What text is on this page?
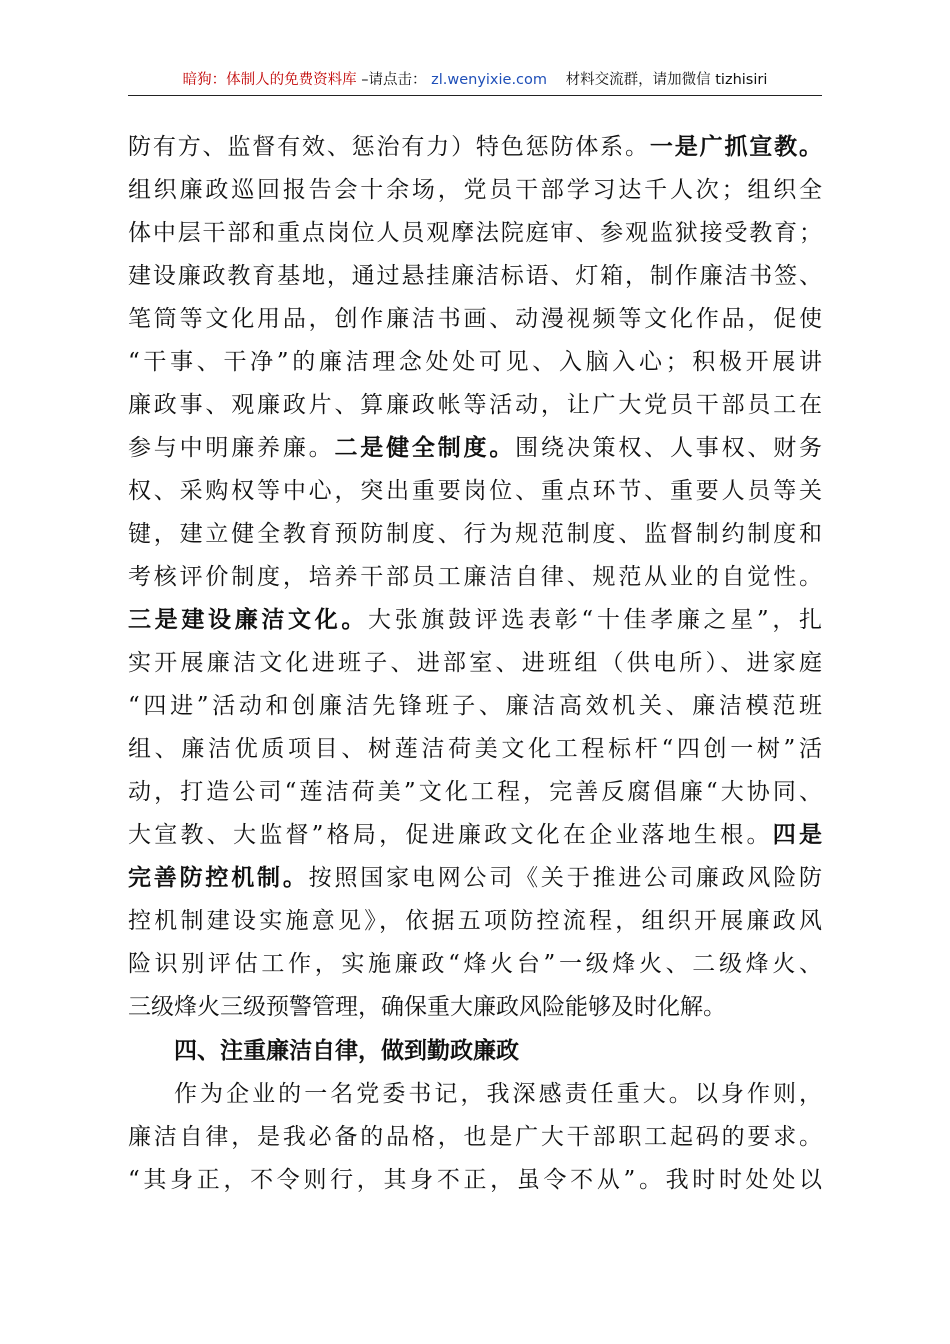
暗狗：体制人的免费资料库 –请点击： zl.wenyixie.com 材料交流群，请加微信 tizhisiri
防有方、监督有效、惩治有力）特色惩防体系。一是广抓宣教。
组织廉政巡回报告会十余场，党员干部学习达千人次；组织全
体中层干部和重点岗位人员观摩法院庭审、参观监狱接受教育；
建设廉政教育基地，通过悬挂廉洁标语、灯箱，制作廉洁书签、
笔筒等文化用品，创作廉洁书画、动漫视频等文化作品，促使
“干事、干净”的廉洁理念处处可见、入脑入心；积极开展讲
廉政事、观廉政片、算廉政帐等活动，让广大党员干部员工在
参与中明廉养廉。二是健全制度。围绕决策权、人事权、财务
权、采购权等中心，突出重要岗位、重点环节、重要人员等关
键，建立健全教育预防制度、行为规范制度、监督制约制度和
考核评价制度，培养干部员工廉洁自律、规范从业的自觉性。
三是建设廉洁文化。大张旗鼓评选表彰“十佳孝廉之星”，扎
实开展廉洁文化进班子、进部室、进班组（供电所）、进家庭
“四进”活动和创廉洁先锋班子、廉洁高效机关、廉洁模范班
组、廉洁优质项目、树莲洁荷美文化工程标杆“四创一树”活
动，打造公司“莲洁荷美”文化工程，完善反腐倡廉“大协同、
大宣教、大监督”格局，促进廉政文化在企业落地生根。四是
完善防控机制。按照国家电网公司《关于推进公司廉政风险防
控机制建设实施意见》，依据五项防控流程，组织开展廉政风
险识别评估工作，实施廉政“烽火台”一级烽火、二级烽火、
三级烽火三级预警管理，确保重大廉政风险能够及时化解。
四、注重廉洁自律，做到勤政廉政
作为企业的一名党委书记，我深感责任重大。以身作则，
廉洁自律，是我必备的品格，也是广大干部职工起码的要求。
“其身正，不令则行，其身不正，虽令不从”。我时时处处以
